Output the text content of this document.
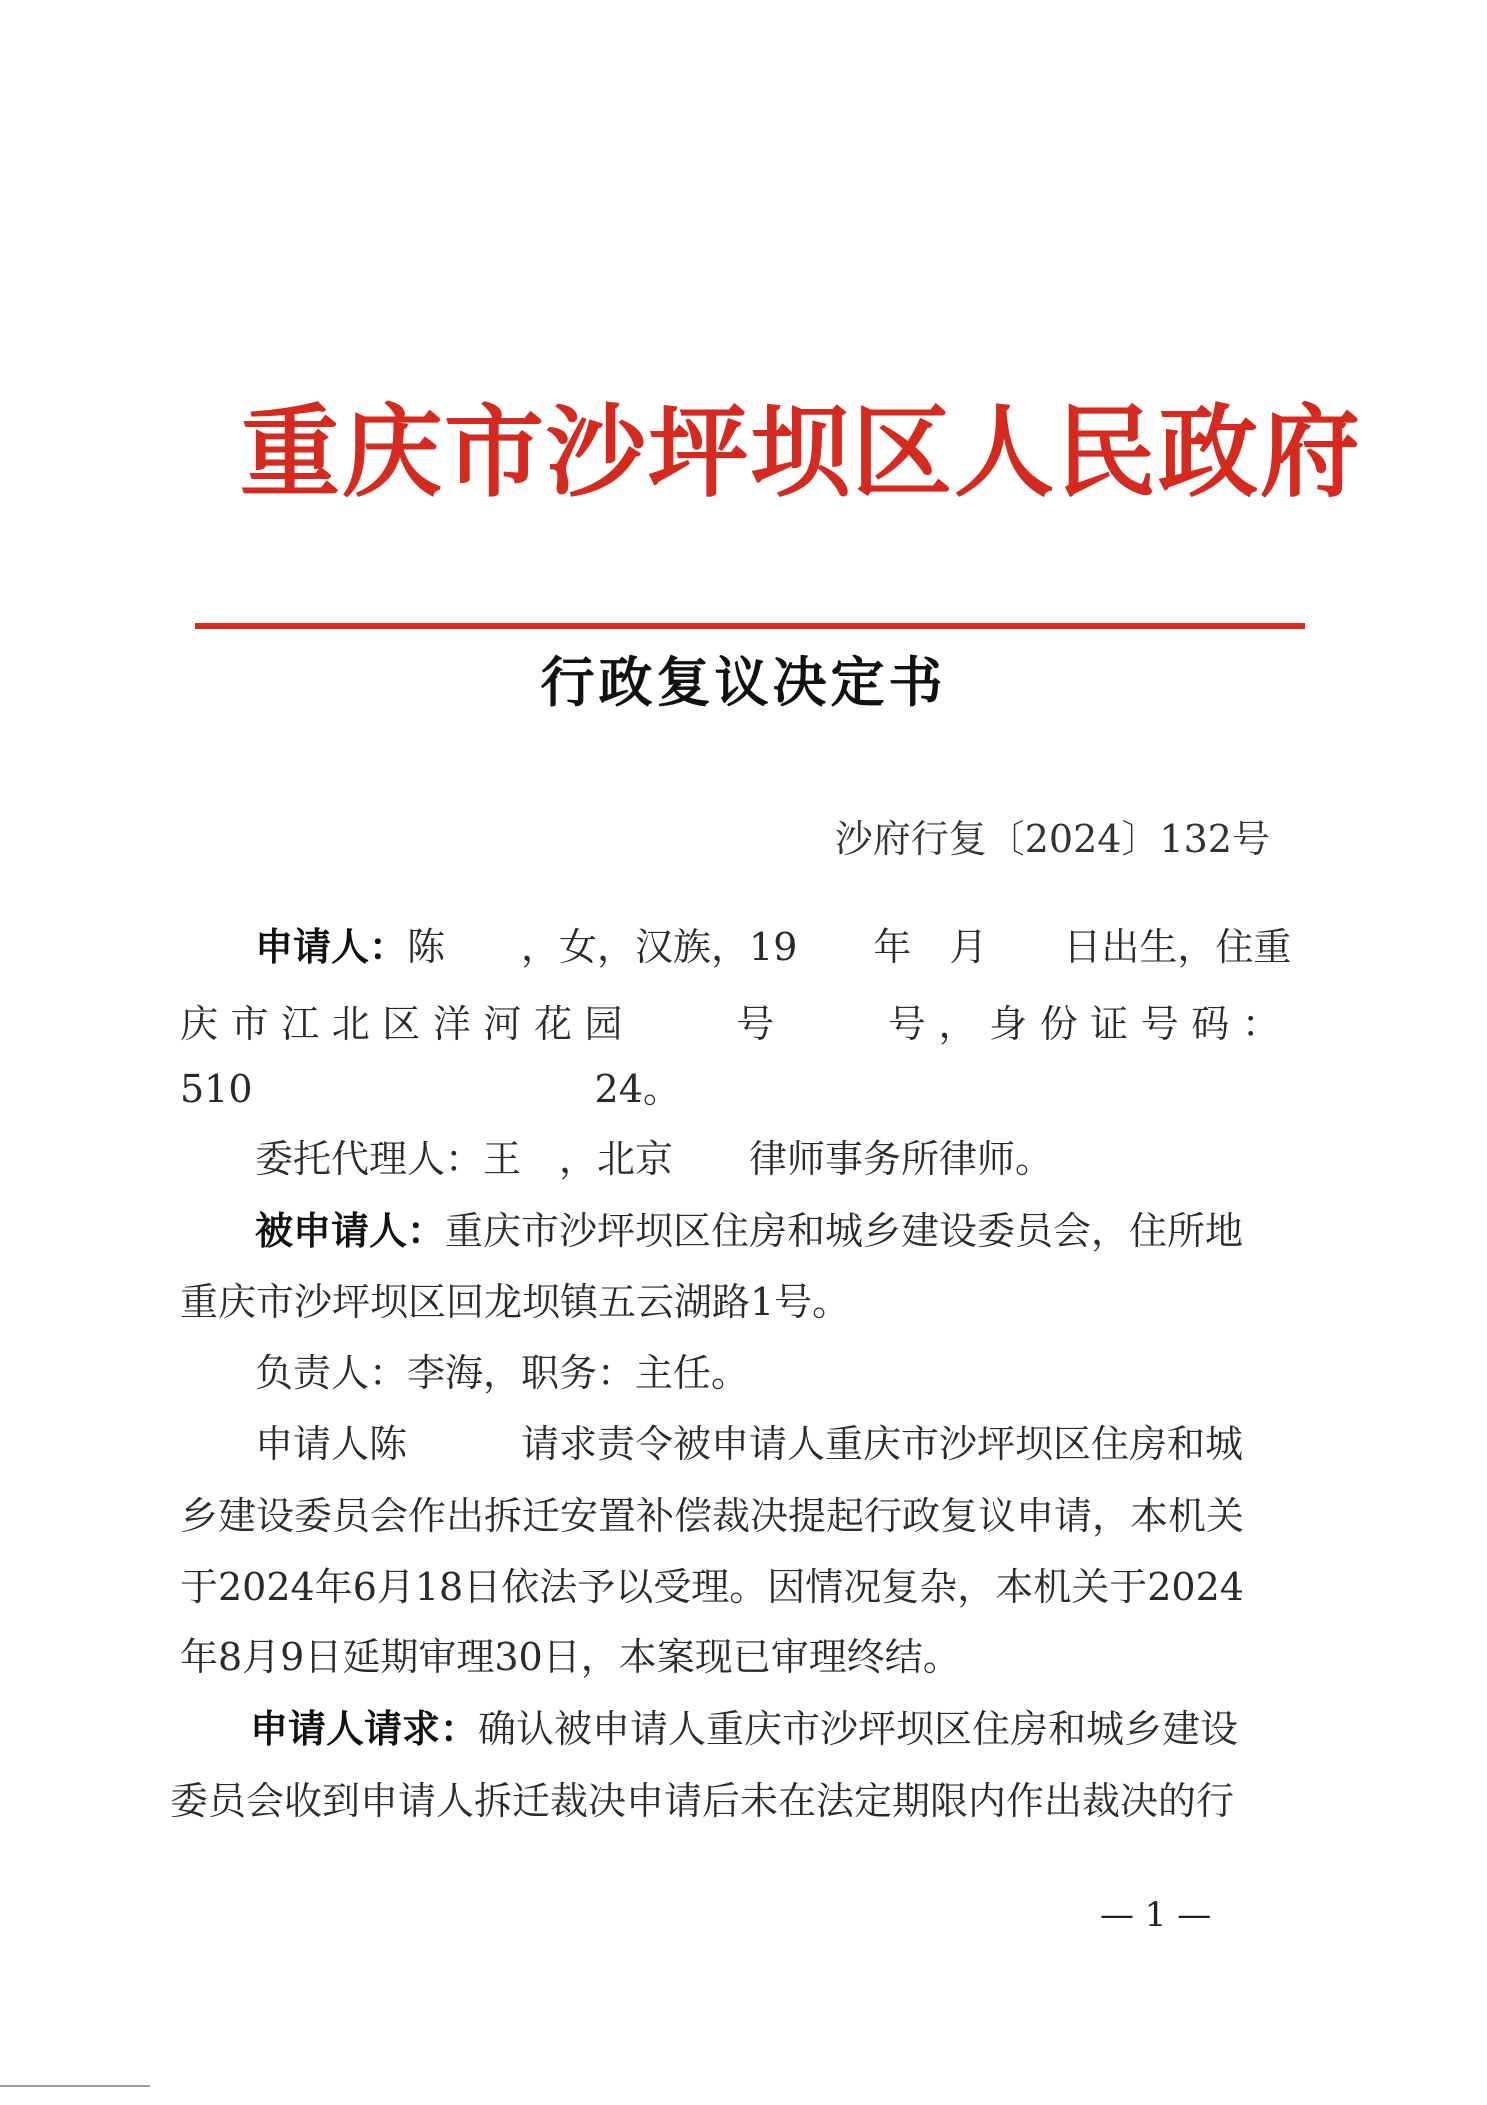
重庆市沙坪坝区人民政府
行政复议决定书
沙府行复〔2024〕132号
申请人：陈　　，女，汉族，19　　年　月　　日出生，住重
庆 市 江 北 区 洋 河 花 园

　	号

　	号 ， 身 份 证 号 码 ：
510　　　　　　　　　24。
委托代理人：王　，北京　　律师事务所律师。
被申请人：重庆市沙坪坝区住房和城乡建设委员会，住所地
重庆市沙坪坝区回龙坝镇五云湖路1号。
负责人：李海，职务：主任。
申请人陈　　　请求责令被申请人重庆市沙坪坝区住房和城
乡建设委员会作出拆迁安置补偿裁决提起行政复议申请，本机关
于2024年6月18日依法予以受理。因情况复杂，本机关于2024
年8月9日延期审理30日，本案现已审理终结。
申请人请求：确认被申请人重庆市沙坪坝区住房和城乡建设
委员会收到申请人拆迁裁决申请后未在法定期限内作出裁决的行
— 1 —
